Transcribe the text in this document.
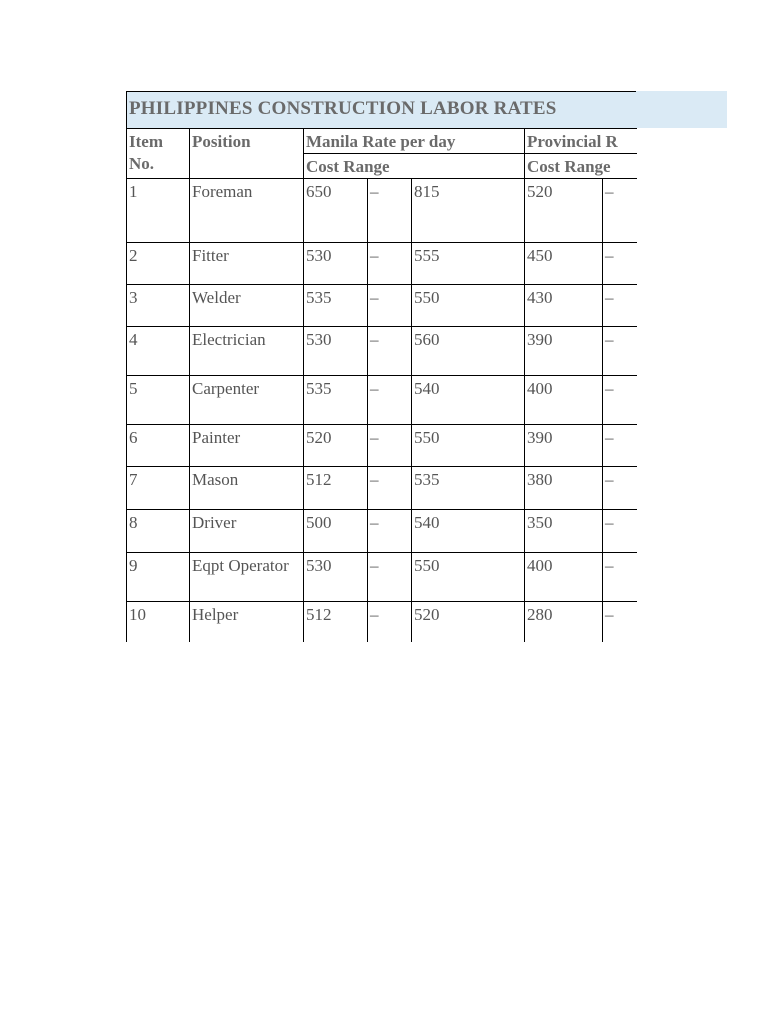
PHILIPPINES CONSTRUCTION LABOR RATES
Item No.	Position	Manila Rate per day			Provincial R	
		Cost Range			Cost Range	
1	Foreman	650	–	815	520	–
2	Fitter	530	–	555	450	–
3	Welder	535	–	550	430	–
4	Electrician	530	–	560	390	–
5	Carpenter	535	–	540	400	–
6	Painter	520	–	550	390	–
7	Mason	512	–	535	380	–
8	Driver	500	–	540	350	–
9	Eqpt Operator	530	–	550	400	–
10	Helper	512	–	520	280	–
